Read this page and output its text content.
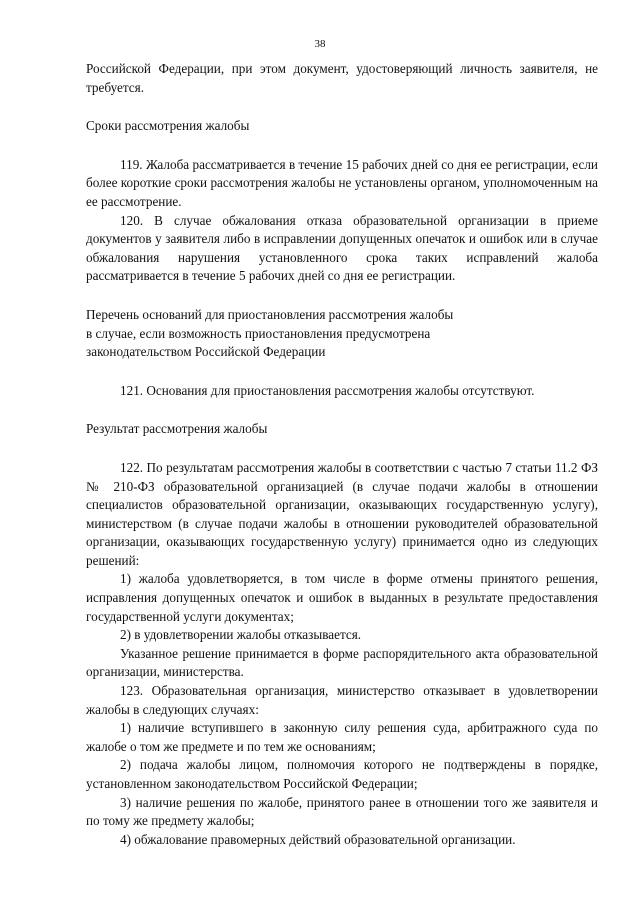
38

Российской Федерации, при этом документ, удостоверяющий личность заявителя, не требуется.

Сроки рассмотрения жалобы

119. Жалоба рассматривается в течение 15 рабочих дней со дня ее регистрации, если более короткие сроки рассмотрения жалобы не установлены органом, уполномоченным на ее рассмотрение.

120. В случае обжалования отказа образовательной организации в приеме документов у заявителя либо в исправлении допущенных опечаток и ошибок или в случае обжалования нарушения установленного срока таких исправлений жалоба рассматривается в течение 5 рабочих дней со дня ее регистрации.

Перечень оснований для приостановления рассмотрения жалобы

в случае, если возможность приостановления предусмотрена

законодательством Российской Федерации

121. Основания для приостановления рассмотрения жалобы отсутствуют.

Результат рассмотрения жалобы

122. По результатам рассмотрения жалобы в соответствии с частью 7 статьи 11.2 ФЗ № 210-ФЗ образовательной организацией (в случае подачи жалобы в отношении специалистов образовательной организации, оказывающих государственную услугу), министерством (в случае подачи жалобы в отношении руководителей образовательной организации, оказывающих государственную услугу) принимается одно из следующих решений:

1) жалоба удовлетворяется, в том числе в форме отмены принятого решения, исправления допущенных опечаток и ошибок в выданных в результате предоставления государственной услуги документах;

2) в удовлетворении жалобы отказывается.

Указанное решение принимается в форме распорядительного акта образовательной организации, министерства.

123. Образовательная организация, министерство отказывает в удовлетворении жалобы в следующих случаях:

1) наличие вступившего в законную силу решения суда, арбитражного суда по жалобе о том же предмете и по тем же основаниям;

2) подача жалобы лицом, полномочия которого не подтверждены в порядке, установленном законодательством Российской Федерации;

3) наличие решения по жалобе, принятого ранее в отношении того же заявителя и по тому же предмету жалобы;

4) обжалование правомерных действий образовательной организации.
